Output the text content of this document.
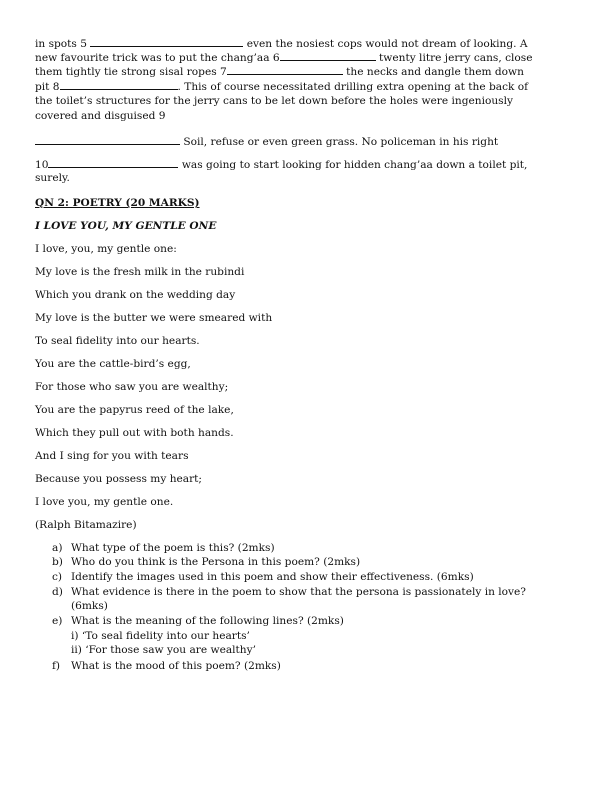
in spots 5	even the nosiest cops would not dream of looking. A
new favourite trick was to put the chang’aa 6	twenty litre jerry cans, close
them tightly tie strong sisal ropes 7	the necks and dangle them down
pit 8	. This of course necessitated drilling extra opening at the back of
the toilet’s structures for the jerry cans to be let down before the holes were ingeniously
covered and disguised 9
Soil, refuse or even green grass. No policeman in his right
10	was going to start looking for hidden chang’aa down a toilet pit,
surely.
QN 2: POETRY (20 MARKS)
I LOVE YOU, MY GENTLE ONE
I love, you, my gentle one:
My love is the fresh milk in the rubindi
Which you drank on the wedding day
My love is the butter we were smeared with
To seal fidelity into our hearts.
You are the cattle-bird’s egg,
For those who saw you are wealthy;
You are the papyrus reed of the lake,
Which they pull out with both hands.
And I sing for you with tears
Because you possess my heart;
I love you, my gentle one.
(Ralph Bitamazire)
a) What type of the poem is this? (2mks)
b) Who do you think is the Persona in this poem? (2mks)
c) Identify the images used in this poem and show their effectiveness. (6mks)
d) What evidence is there in the poem to show that the persona is passionately in love?
(6mks)
e) What is the meaning of the following lines? (2mks)
i) ‘To seal fidelity into our hearts’
ii) ‘For those saw you are wealthy’
f) What is the mood of this poem? (2mks)
